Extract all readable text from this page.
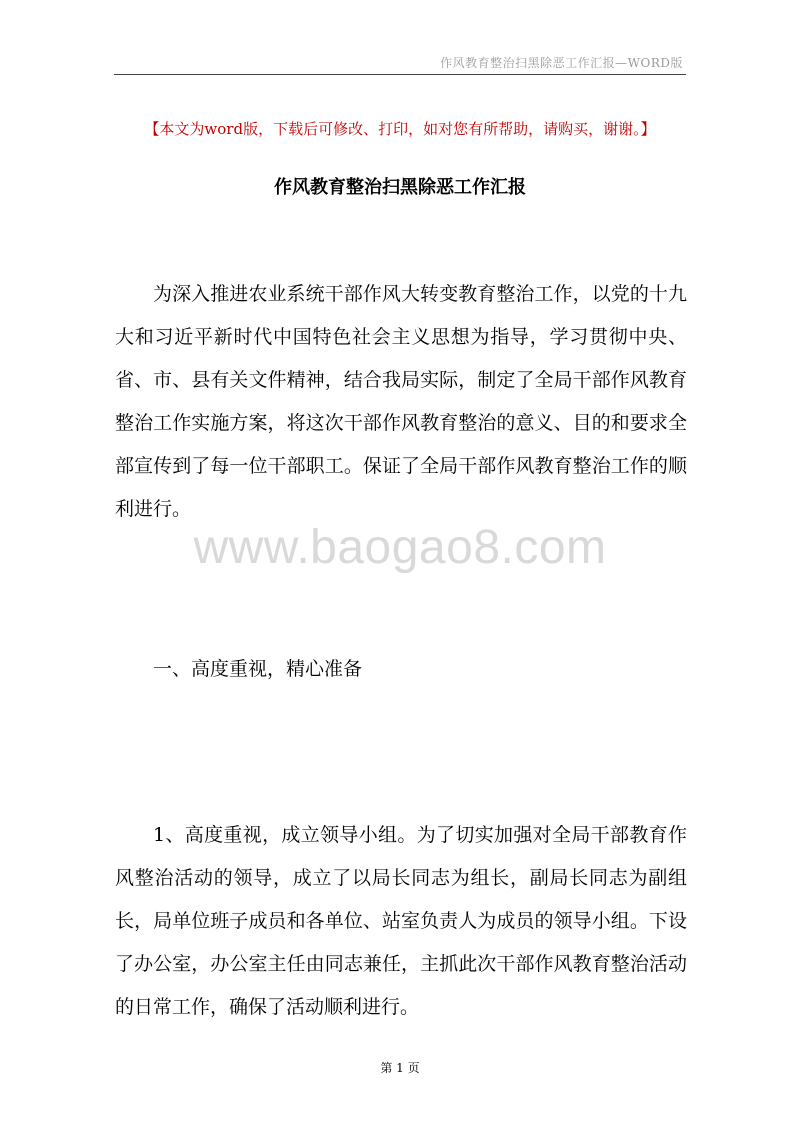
作风教育整治扫黑除恶工作汇报—WORD版
【本文为word版，下载后可修改、打印，如对您有所帮助，请购买，谢谢。】
作风教育整治扫黑除恶工作汇报

为深入推进农业系统干部作风大转变教育整治工作，以党的十九大和习近平新时代中国特色社会主义思想为指导，学习贯彻中央、省、市、县有关文件精神，结合我局实际，制定了全局干部作风教育整治工作实施方案，将这次干部作风教育整治的意义、目的和要求全部宣传到了每一位干部职工。保证了全局干部作风教育整治工作的顺利进行。

www.baogao8.com
一、高度重视，精心准备

1、高度重视，成立领导小组。为了切实加强对全局干部教育作风整治活动的领导，成立了以局长同志为组长，副局长同志为副组长，局单位班子成员和各单位、站室负责人为成员的领导小组。下设了办公室，办公室主任由同志兼任，主抓此次干部作风教育整治活动的日常工作，确保了活动顺利进行。

第 1 页
